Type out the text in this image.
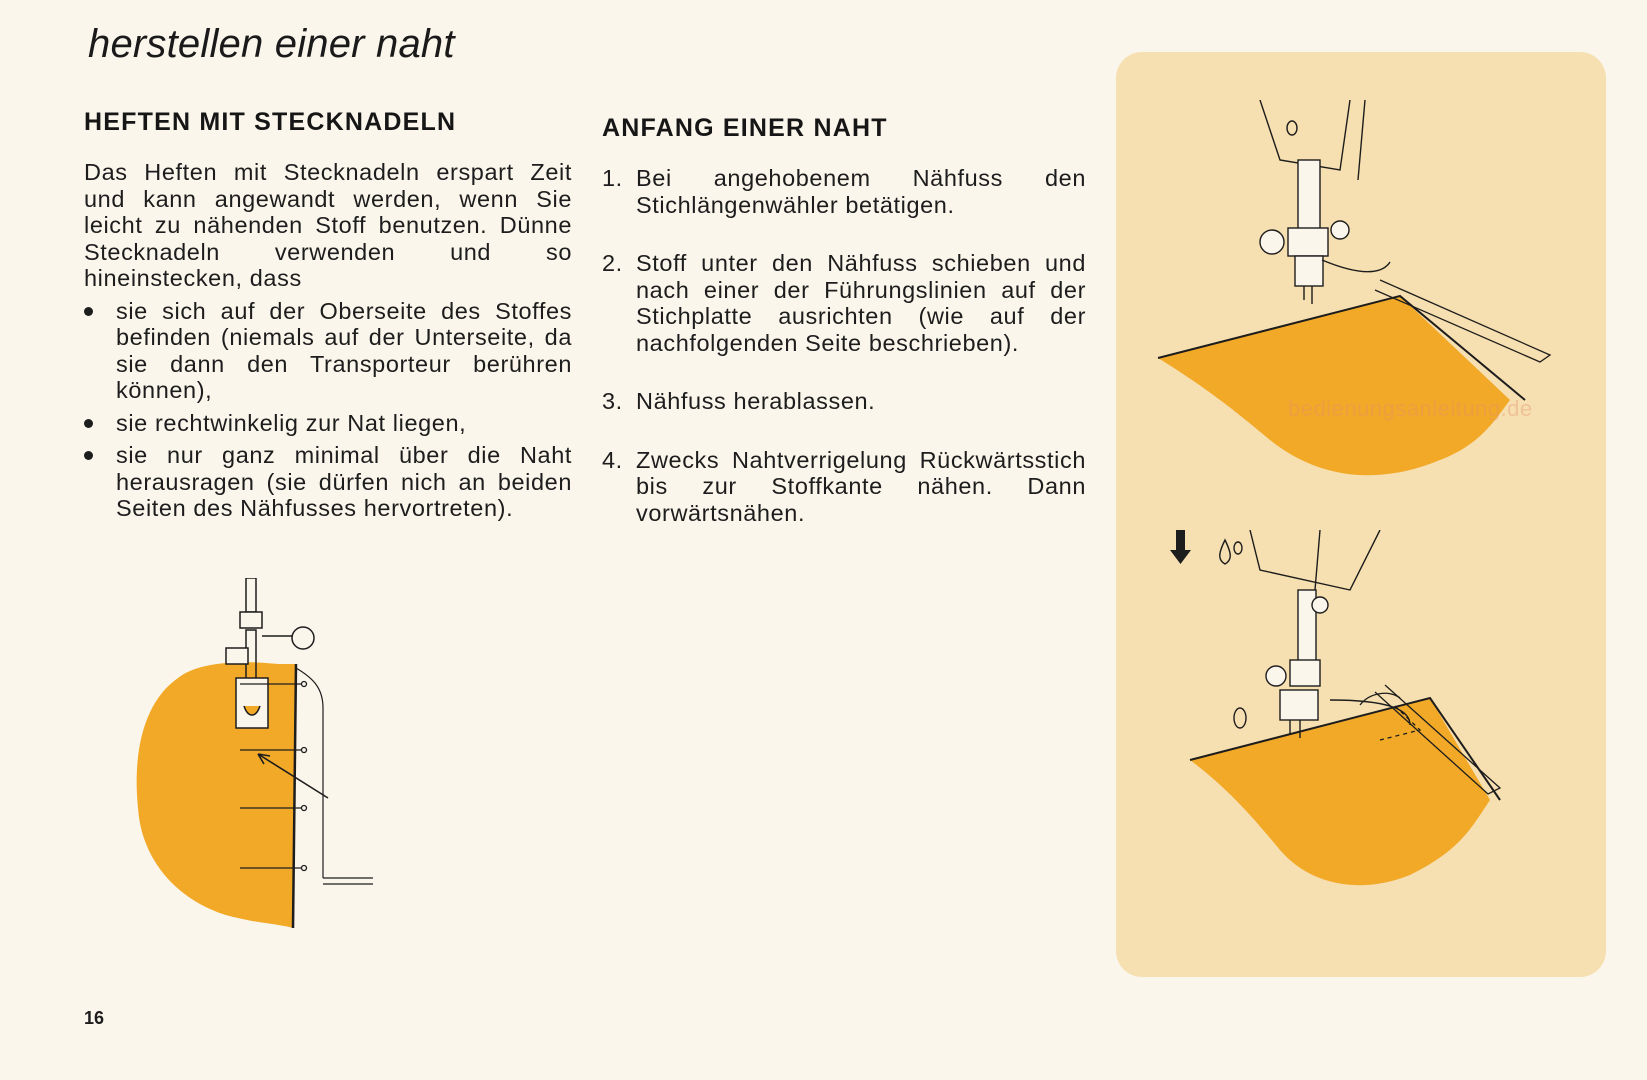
herstellen einer naht
HEFTEN MIT STECKNADELN

Das Heften mit Stecknadeln erspart Zeit und kann angewandt werden, wenn Sie leicht zu nähenden Stoff benutzen. Dünne Stecknadeln verwenden und so hineinstecken, dass

sie sich auf der Oberseite des Stoffes befinden (niemals auf der Unterseite, da sie dann den Transporteur berühren können),
sie rechtwinkelig zur Nat liegen,
sie nur ganz minimal über die Naht herausragen (sie dürfen nich an beiden Seiten des Nähfusses hervortreten).
ANFANG EINER NAHT
1. Bei angehobenem Nähfuss den Stichlängenwähler betätigen.
2. Stoff unter den Nähfuss schieben und nach einer der Führungslinien auf der Stichplatte ausrichten (wie auf der nachfolgenden Seite beschrieben).
3. Nähfuss herablassen.
4. Zwecks Nahtverrigelung Rückwärtsstich bis zur Stoffkante nähen. Dann vorwärtsnähen.
bedienungsanleitung.de
16
